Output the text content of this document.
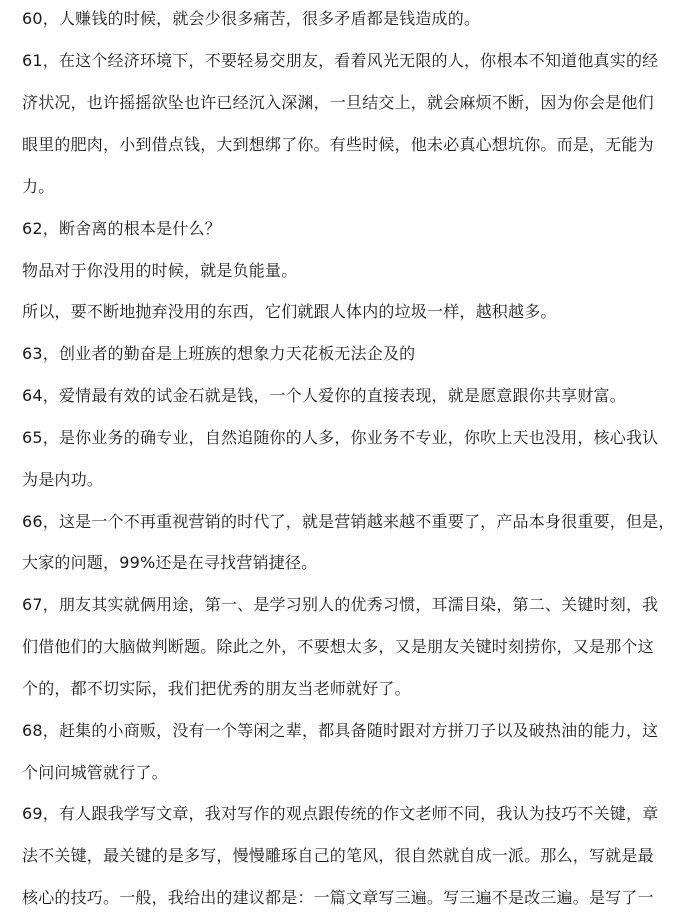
60，人赚钱的时候，就会少很多痛苦，很多矛盾都是钱造成的。
61，在这个经济环境下，不要轻易交朋友，看着风光无限的人，你根本不知道他真实的经
济状况，也许摇摇欲坠也许已经沉入深渊，一旦结交上，就会麻烦不断，因为你会是他们
眼里的肥肉，小到借点钱，大到想绑了你。有些时候，他未必真心想坑你。而是，无能为
力。
62，断舍离的根本是什么？
物品对于你没用的时候，就是负能量。
所以，要不断地抛弃没用的东西，它们就跟人体内的垃圾一样，越积越多。
63，创业者的勤奋是上班族的想象力天花板无法企及的
64，爱情最有效的试金石就是钱，一个人爱你的直接表现，就是愿意跟你共享财富。
65，是你业务的确专业，自然追随你的人多，你业务不专业，你吹上天也没用，核心我认
为是内功。
66，这是一个不再重视营销的时代了，就是营销越来越不重要了，产品本身很重要，但是，
大家的问题，99%还是在寻找营销捷径。
67，朋友其实就俩用途，第一、是学习别人的优秀习惯，耳濡目染，第二、关键时刻，我
们借他们的大脑做判断题。除此之外，不要想太多，又是朋友关键时刻捞你，又是那个这
个的，都不切实际，我们把优秀的朋友当老师就好了。
68，赶集的小商贩，没有一个等闲之辈，都具备随时跟对方拼刀子以及破热油的能力，这
个问问城管就行了。
69，有人跟我学写文章，我对写作的观点跟传统的作文老师不同，我认为技巧不关键，章
法不关键，最关键的是多写，慢慢雕琢自己的笔风，很自然就自成一派。那么，写就是最
核心的技巧。一般，我给出的建议都是：一篇文章写三遍。写三遍不是改三遍。是写了一
